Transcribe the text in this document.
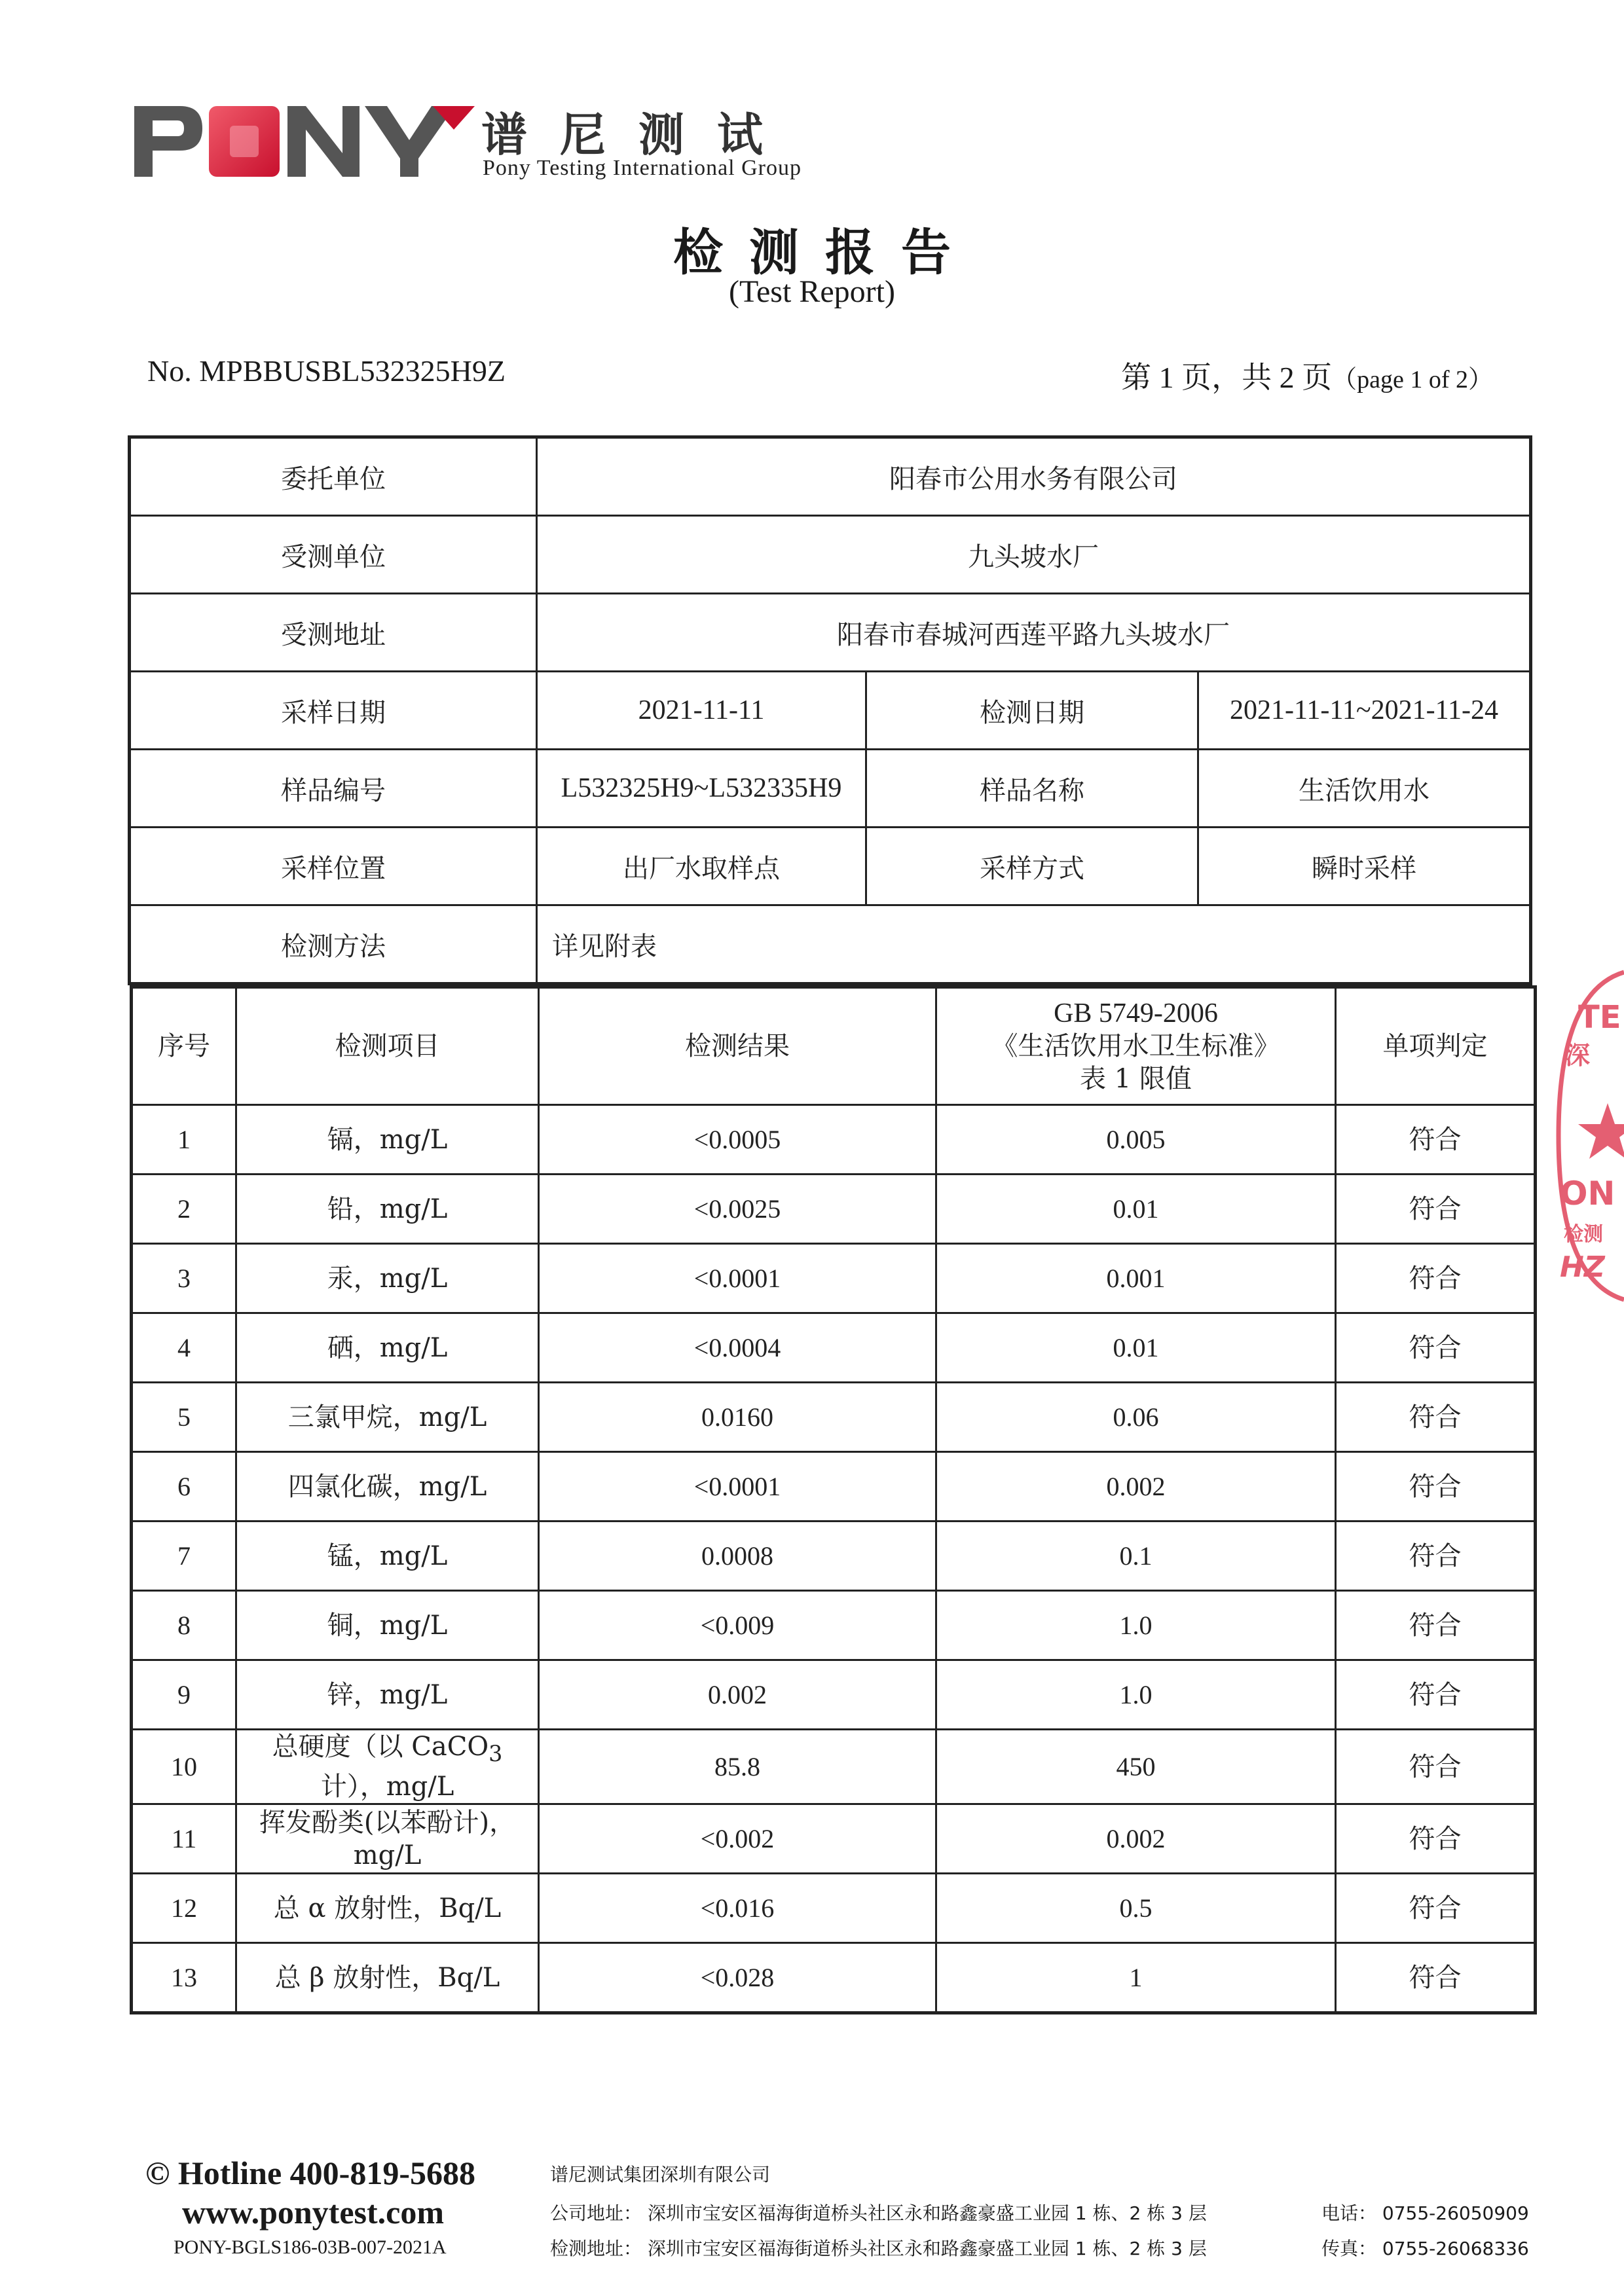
谱尼测试
Pony Testing International Group
检测报告
(Test Report)
No. MPBBUSBL532325H9Z	第 1 页，共 2 页（page 1 of 2）
委托单位	阳春市公用水务有限公司		
受测单位	九头坡水厂		
受测地址	阳春市春城河西莲平路九头坡水厂		
采样日期	2021-11-11	检测日期	2021-11-11~2021-11-24
样品编号	L532325H9~L532335H9	样品名称	生活饮用水
采样位置	出厂水取样点	采样方式	瞬时采样
检测方法	详见附表		
序号	检测项目	检测结果	GB 5749-2006
《生活饮用水卫生标准》
表 1 限值	单项判定
1	镉，mg/L	<0.0005	0.005	符合
2	铅，mg/L	<0.0025	0.01	符合
3	汞，mg/L	<0.0001	0.001	符合
4	硒，mg/L	<0.0004	0.01	符合
5	三氯甲烷，mg/L	0.0160	0.06	符合
6	四氯化碳，mg/L	<0.0001	0.002	符合
7	锰，mg/L	0.0008	0.1	符合
8	铜，mg/L	<0.009	1.0	符合
9	锌，mg/L	0.002	1.0	符合
10	总硬度（以 CaCO$_3$
计），mg/L	85.8	450	符合
11	挥发酚类(以苯酚计)，
mg/L	<0.002	0.002	符合
12	总 α 放射性，Bq/L	<0.016	0.5	符合
13	总 β 放射性，Bq/L	<0.028	1	符合
TE
深
ON
检测
HZ
© Hotline 400-819-5688
www.ponytest.com
PONY-BGLS186-03B-007-2021A
谱尼测试集团深圳有限公司
公司地址： 深圳市宝安区福海街道桥头社区永和路鑫豪盛工业园 1 栋、2 栋 3 层
检测地址： 深圳市宝安区福海街道桥头社区永和路鑫豪盛工业园 1 栋、2 栋 3 层
电话： 0755-26050909
传真： 0755-26068336
